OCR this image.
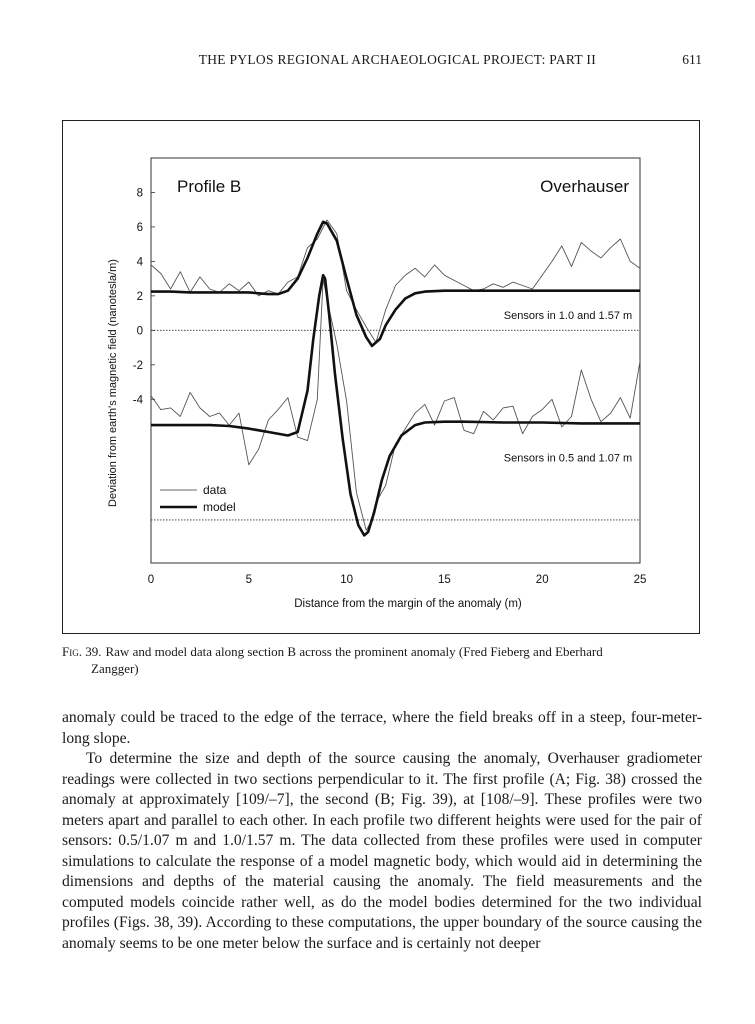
THE PYLOS REGIONAL ARCHAEOLOGICAL PROJECT: PART II	611
8
6
4
2
0
-2
-4
0	5	10	15	20	25
Profile B	Overhauser
Sensors in 1.0 and 1.57 m
Sensors in 0.5 and 1.07 m
data
model
Distance from the margin of the anomaly (m)
Deviation from earth's magnetic field (nanotesla/m)
Fig. 39. Raw and model data along section B across the prominent anomaly (Fred Fieberg and Eberhard
Zangger)

anomaly could be traced to the edge of the terrace, where the field breaks off in a steep, four-meter-long slope.

To determine the size and depth of the source causing the anomaly, Overhauser gradiometer readings were collected in two sections perpendicular to it. The first profile (A; Fig. 38) crossed the anomaly at approximately [109/–7], the second (B; Fig. 39), at [108/–9]. These profiles were two meters apart and parallel to each other. In each profile two different heights were used for the pair of sensors: 0.5/1.07 m and 1.0/1.57 m. The data collected from these profiles were used in computer simulations to calculate the response of a model magnetic body, which would aid in determining the dimensions and depths of the material causing the anomaly. The field measurements and the computed models coincide rather well, as do the model bodies determined for the two individual profiles (Figs. 38, 39). According to these computations, the upper boundary of the source causing the anomaly seems to be one meter below the surface and is certainly not deeper
